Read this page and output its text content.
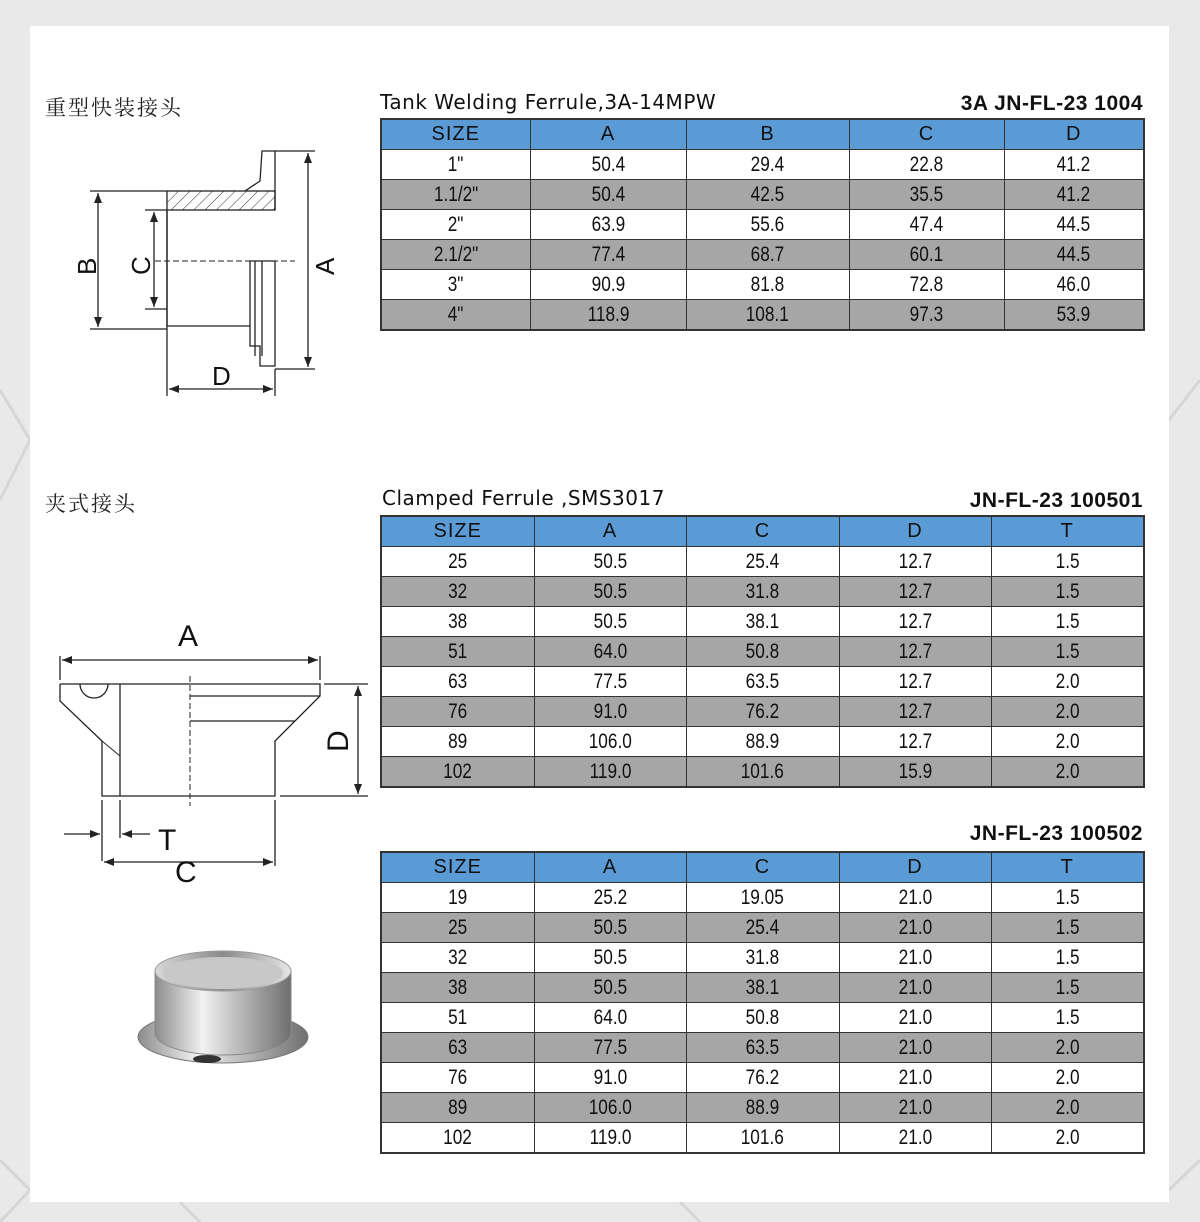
重型快装接头	Tank Welding Ferrule,3A-14MPW	3A JN-FL-23 1004
B C	A
D
SIZE	A	B	C	D
1"	50.4	29.4	22.8	41.2
1.1/2"	50.4	42.5	35.5	41.2
2"	63.9	55.6	47.4	44.5
2.1/2"	77.4	68.7	60.1	44.5
3"	90.9	81.8	72.8	46.0
4"	118.9	108.1	97.3	53.9
夹式接头	Clamped Ferrule ,SMS3017	JN-FL-23 100501
A
D
T
C
SIZE	A	C	D	T
25	50.5	25.4	12.7	1.5
32	50.5	31.8	12.7	1.5
38	50.5	38.1	12.7	1.5
51	64.0	50.8	12.7	1.5
63	77.5	63.5	12.7	2.0
76	91.0	76.2	12.7	2.0
89	106.0	88.9	12.7	2.0
102	119.0	101.6	15.9	2.0
JN-FL-23 100502
SIZE	A	C	D	T
19	25.2	19.05	21.0	1.5
25	50.5	25.4	21.0	1.5
32	50.5	31.8	21.0	1.5
38	50.5	38.1	21.0	1.5
51	64.0	50.8	21.0	1.5
63	77.5	63.5	21.0	2.0
76	91.0	76.2	21.0	2.0
89	106.0	88.9	21.0	2.0
102	119.0	101.6	21.0	2.0
